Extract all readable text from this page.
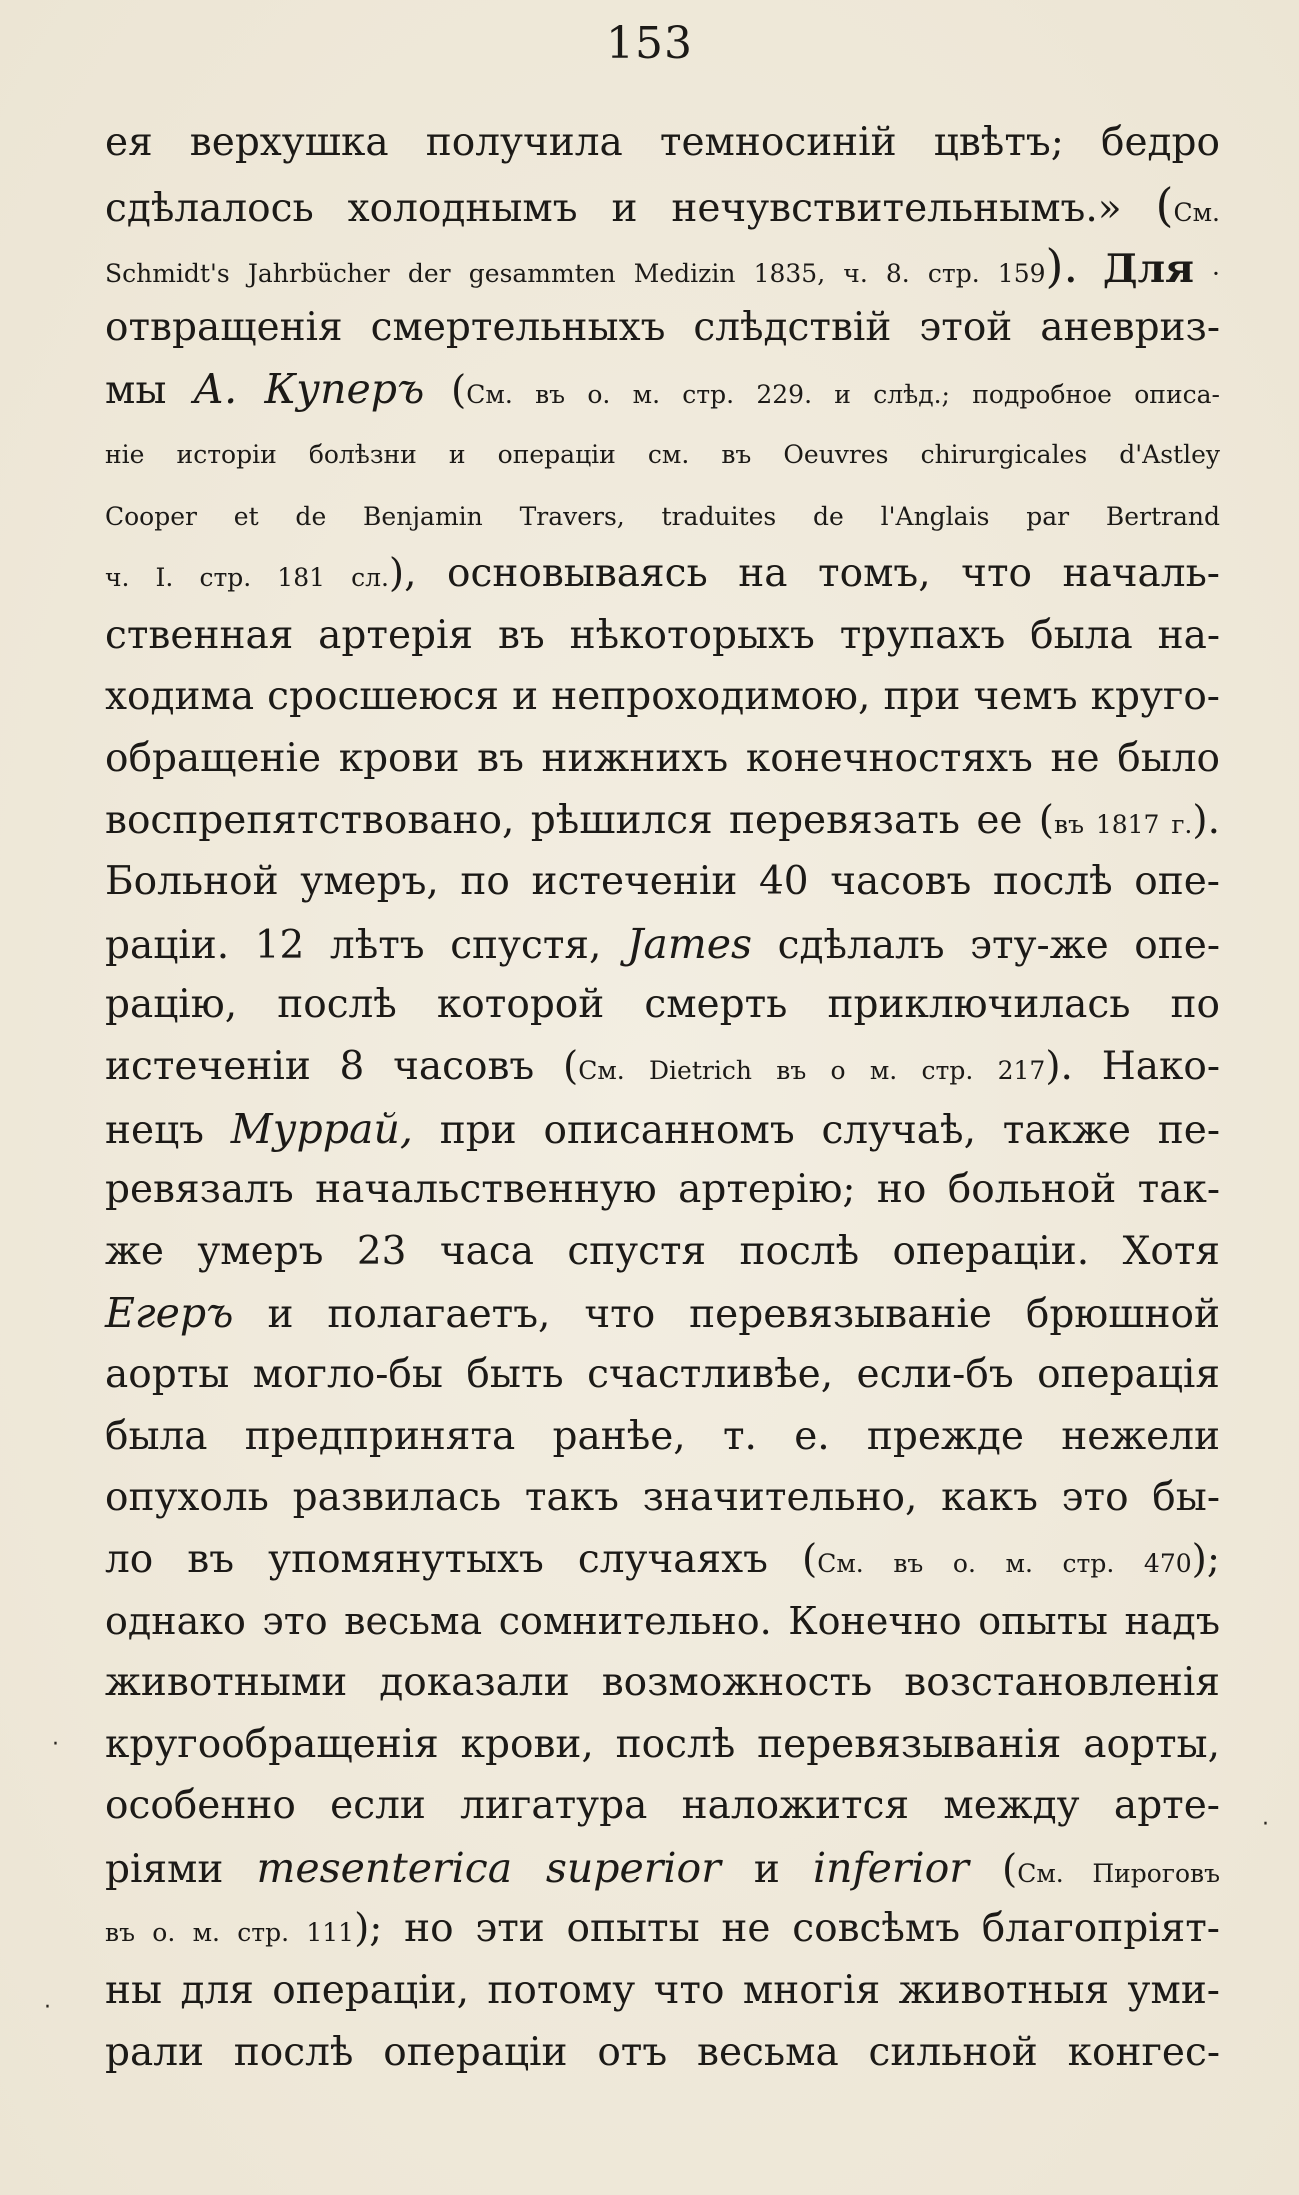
153
ея верхушка получила темносиній цвѣтъ; бедро
сдѣлалось холоднымъ и нечувствительнымъ.» (См.
Schmidt's Jahrbücher der gesammten Medizin 1835, ч. 8. стр. 159). Для ·
отвращенія смертельныхъ слѣдствій этой аневриз-
мы А. Куперъ (См. въ о. м. стр. 229. и слѣд.; подробное описа-
ніе исторіи болѣзни и операціи см. въ Oeuvres chirurgicales d'Astley
Cooper et de Benjamin Travers, traduites de l'Anglais par Bertrand
ч. I. стр. 181 сл.), основываясь на томъ, что началь-
ственная артерія въ нѣкоторыхъ трупахъ была на-
ходима сросшеюся и непроходимою, при чемъ круго-
обращеніе крови въ нижнихъ конечностяхъ не было
воспрепятствовано, рѣшился перевязать ее (въ 1817 г.).
Больной умеръ, по истеченіи 40 часовъ послѣ опе-
раціи. 12 лѣтъ спустя, James сдѣлалъ эту-же опе-
рацію, послѣ которой смерть приключилась по
истеченіи 8 часовъ (См. Dietrich въ о м. стр. 217). Нако-
нецъ Муррай, при описанномъ случаѣ, также пе-
ревязалъ начальственную артерію; но больной так-
же умеръ 23 часа спустя послѣ операціи. Хотя
Егеръ и полагаетъ, что перевязываніе брюшной
аорты могло-бы быть счастливѣе, если-бъ операція
была предпринята ранѣе, т. е. прежде нежели
опухоль развилась такъ значительно, какъ это бы-
ло въ упомянутыхъ случаяхъ (См. въ о. м. стр. 470);
однако это весьма сомнительно. Конечно опыты надъ
животными доказали возможность возстановленія
кругообращенія крови, послѣ перевязыванія аорты,
особенно если лигатура наложится между арте-
ріями mesenterica superior и inferior (См. Пироговъ
въ о. м. стр. 111); но эти опыты не совсѣмъ благопріят-
ны для операціи, потому что многія животныя уми-
рали послѣ операціи отъ весьма сильной конгес-
·
·
·
